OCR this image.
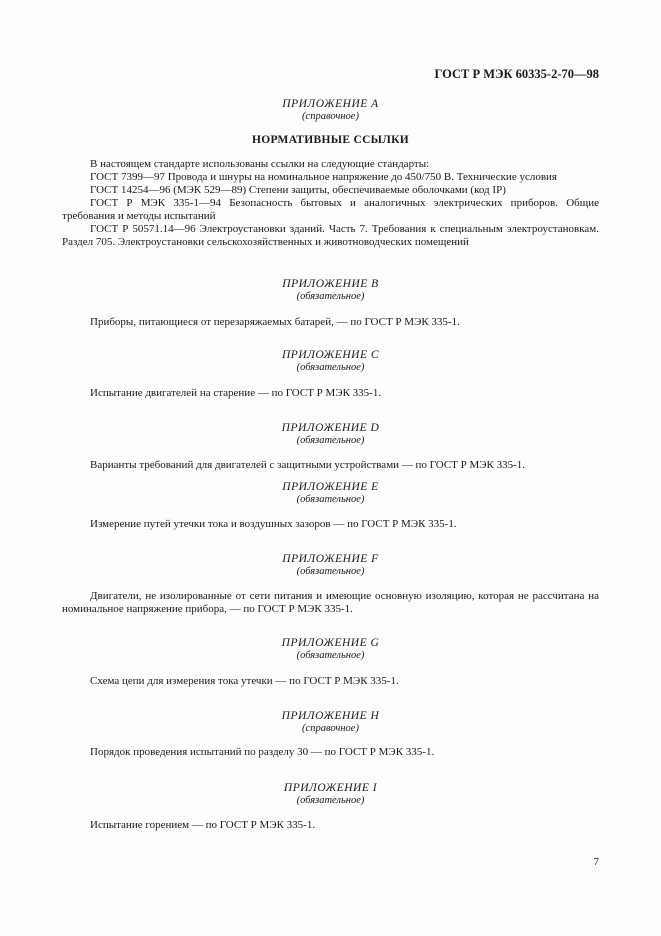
ГОСТ Р МЭК 60335-2-70—98
ПРИЛОЖЕНИЕ А
(справочное)
НОРМАТИВНЫЕ ССЫЛКИ

В настоящем стандарте использованы ссылки на следующие стандарты:

ГОСТ 7399—97 Провода и шнуры на номинальное напряжение до 450/750 В. Технические условия

ГОСТ 14254—96 (МЭК 529—89) Степени защиты, обеспечиваемые оболочками (код IP)

ГОСТ Р МЭК 335-1—94 Безопасность бытовых и аналогичных электрических приборов. Общие требования и методы испытаний

ГОСТ Р 50571.14—96 Электроустановки зданий. Часть 7. Требования к специальным электроустановкам. Раздел 705. Электроустановки сельскохозяйственных и животноводческих помещений

ПРИЛОЖЕНИЕ В
(обязательное)

Приборы, питающиеся от перезаряжаемых батарей, — по ГОСТ Р МЭК 335-1.

ПРИЛОЖЕНИЕ С
(обязательное)

Испытание двигателей на старение — по ГОСТ Р МЭК 335-1.

ПРИЛОЖЕНИЕ D
(обязательное)

Варианты требований для двигателей с защитными устройствами — по ГОСТ Р МЭК 335-1.

ПРИЛОЖЕНИЕ Е
(обязательное)

Измерение путей утечки тока и воздушных зазоров — по ГОСТ Р МЭК 335-1.

ПРИЛОЖЕНИЕ F
(обязательное)

Двигатели, не изолированные от сети питания и имеющие основную изоляцию, которая не рассчитана на номинальное напряжение прибора, — по ГОСТ Р МЭК 335-1.

ПРИЛОЖЕНИЕ G
(обязательное)

Схема цепи для измерения тока утечки — по ГОСТ Р МЭК 335-1.

ПРИЛОЖЕНИЕ Н
(справочное)

Порядок проведения испытаний по разделу 30 — по ГОСТ Р МЭК 335-1.

ПРИЛОЖЕНИЕ I
(обязательное)

Испытание горением — по ГОСТ Р МЭК 335-1.

7
